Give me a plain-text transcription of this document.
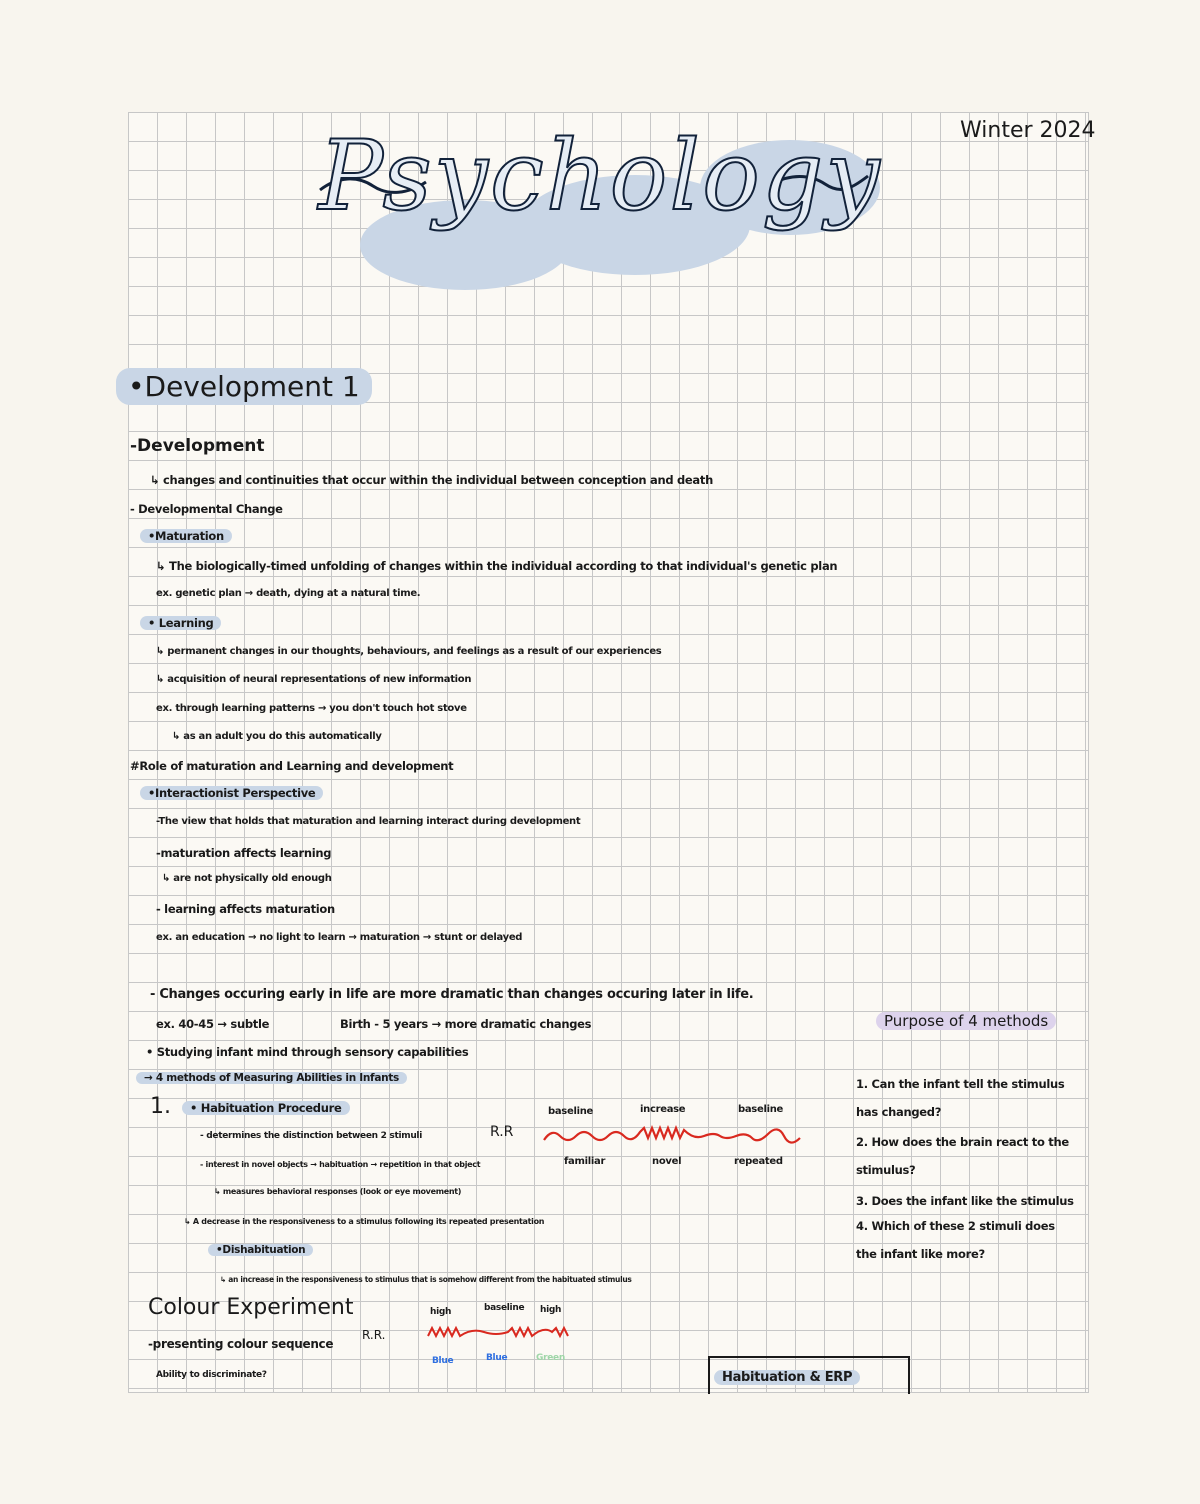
Psychology	Winter 2024
•Development 1
-Development
↳ changes and continuities that occur within the individual between conception and death
- Developmental Change
•Maturation
↳ The biologically-timed unfolding of changes within the individual according to that individual's genetic plan
ex. genetic plan → death, dying at a natural time.
• Learning
↳ permanent changes in our thoughts, behaviours, and feelings as a result of our experiences
↳ acquisition of neural representations of new information
ex. through learning patterns → you don't touch hot stove
↳ as an adult you do this automatically
#Role of maturation and Learning and development
•Interactionist Perspective
-The view that holds that maturation and learning interact during development
-maturation affects learning
↳ are not physically old enough
- learning affects maturation
ex. an education → no light to learn → maturation → stunt or delayed
- Changes occuring early in life are more dramatic than changes occuring later in life.
ex. 40-45 → subtle	Birth - 5 years → more dramatic changes
• Studying infant mind through sensory capabilities
→ 4 methods of Measuring Abilities in Infants
1.	• Habituation Procedure
- determines the distinction between 2 stimuli
- interest in novel objects → habituation → repetition in that object
↳ measures behavioral responses (look or eye movement)
↳ A decrease in the responsiveness to a stimulus following its repeated presentation
•Dishabituation
↳ an increase in the responsiveness to stimulus that is somehow different from the habituated stimulus
R.R
baseline	increase	baseline
familiar	novel	repeated
Colour Experiment
-presenting colour sequence
R.R.
Ability to discriminate?
high	baseline high
Blue	Blue	Green
Purpose of 4 methods
1. Can the infant tell the stimulus has changed?
2. How does the brain react to the stimulus?
3. Does the infant like the stimulus
4. Which of these 2 stimuli does the infant like more?
Habituation & ERP
